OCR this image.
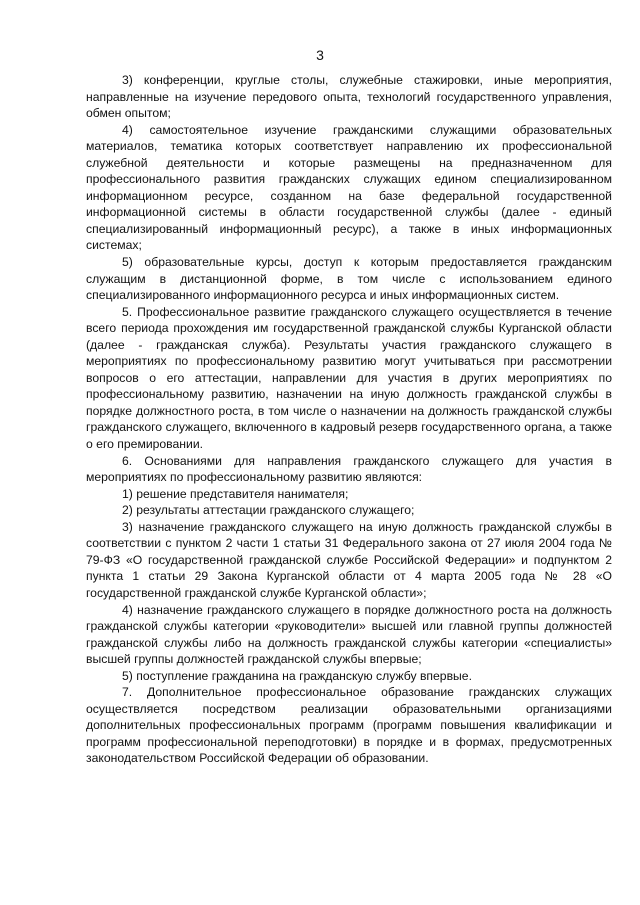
3

3) конференции, круглые столы, служебные стажировки, иные мероприятия, направленные на изучение передового опыта, технологий государственного управления, обмен опытом;

4) самостоятельное изучение гражданскими служащими образовательных материалов, тематика которых соответствует направлению их профессиональной служебной деятельности и которые размещены на предназначенном для профессионального развития гражданских служащих едином специализированном информационном ресурсе, созданном на базе федеральной государственной информационной системы в области государственной службы (далее - единый специализированный информационный ресурс), а также в иных информационных системах;

5) образовательные курсы, доступ к которым предоставляется гражданским служащим в дистанционной форме, в том числе с использованием единого специализированного информационного ресурса и иных информационных систем.

5. Профессиональное развитие гражданского служащего осуществляется в течение всего периода прохождения им государственной гражданской службы Курганской области (далее - гражданская служба). Результаты участия гражданского служащего в мероприятиях по профессиональному развитию могут учитываться при рассмотрении вопросов о его аттестации, направлении для участия в других мероприятиях по профессиональному развитию, назначении на иную должность гражданской службы в порядке должностного роста, в том числе о назначении на должность гражданской службы гражданского служащего, включенного в кадровый резерв государственного органа, а также о его премировании.

6. Основаниями для направления гражданского служащего для участия в мероприятиях по профессиональному развитию являются:

1) решение представителя нанимателя;

2) результаты аттестации гражданского служащего;

3) назначение гражданского служащего на иную должность гражданской службы в соответствии с пунктом 2 части 1 статьи 31 Федерального закона от 27 июля 2004 года № 79-ФЗ «О государственной гражданской службе Российской Федерации» и подпунктом 2 пункта 1 статьи 29 Закона Курганской области от 4 марта 2005 года № 28 «О государственной гражданской службе Курганской области»;

4) назначение гражданского служащего в порядке должностного роста на должность гражданской службы категории «руководители» высшей или главной группы должностей гражданской службы либо на должность гражданской службы категории «специалисты» высшей группы должностей гражданской службы впервые;

5) поступление гражданина на гражданскую службу впервые.

7. Дополнительное профессиональное образование гражданских служащих осуществляется посредством реализации образовательными организациями дополнительных профессиональных программ (программ повышения квалификации и программ профессиональной переподготовки) в порядке и в формах, предусмотренных законодательством Российской Федерации об образовании.
